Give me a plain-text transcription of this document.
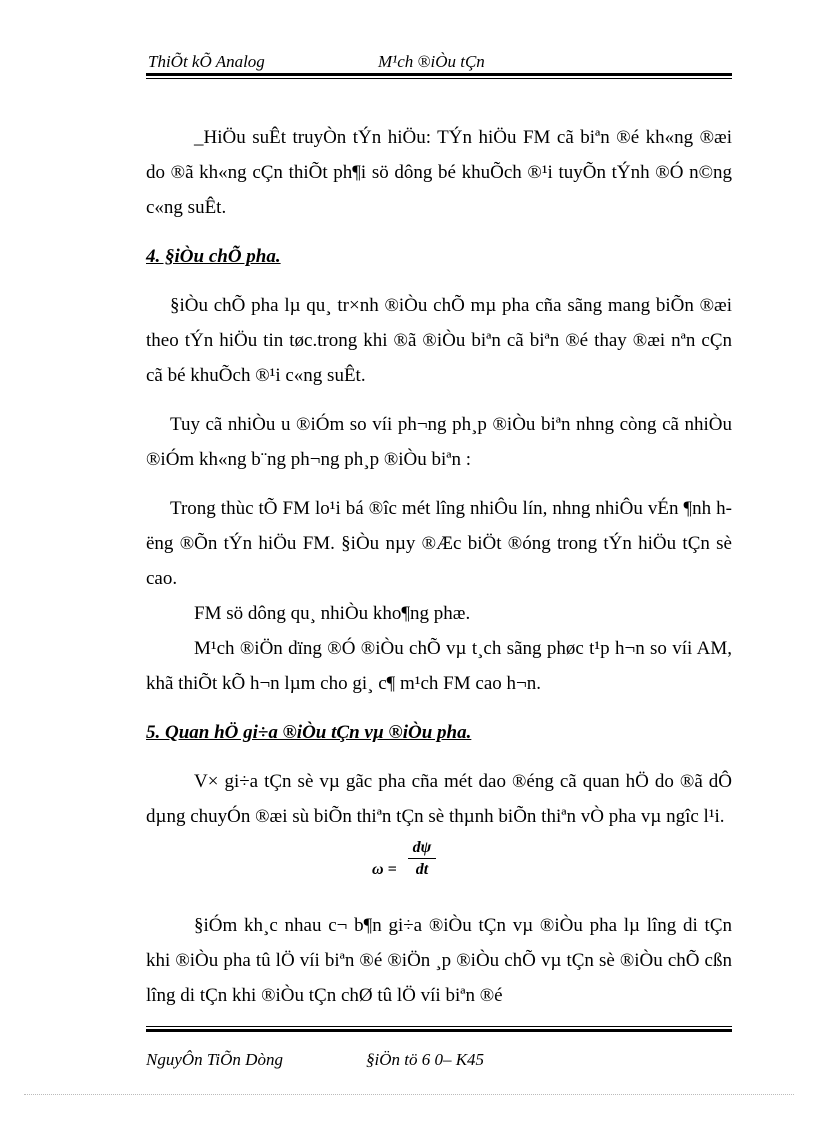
ThiÕt kÕ Analog	M¹ch ®iÒu tÇn

_HiÖu suÊt truyÒn tÝn hiÖu: TÝn hiÖu FM cã biªn ®é kh«ng ®æi do ®ã kh«ng cÇn thiÕt ph¶i sö dông bé khuÕch ®¹i tuyÕn tÝnh ®Ó n©ng c«ng suÊt.

4. §iÒu chÕ pha.

§iÒu chÕ pha lµ qu¸ tr×nh ®iÒu chÕ mµ pha cña sãng mang biÕn ®æi theo tÝn hiÖu tin tøc.trong khi ®ã ®iÒu biªn cã biªn ®é thay ®æi nªn cÇn cã bé khuÕch ®¹i c«ng suÊt.

Tuy cã nhiÒu u ®iÓm so víi ph¬ng ph¸p ®iÒu biªn nhng còng cã nhiÒu ®iÓm kh«ng b¨ng ph¬ng ph¸p ®iÒu biªn :

Trong thùc tÕ FM lo¹i bá ®îc mét lîng nhiÔu lín, nhng nhiÔu vÉn ¶nh hëng ®Õn tÝn hiÖu FM. §iÒu nµy ®Æc biÖt ®óng trong tÝn hiÖu tÇn sè cao.

FM sö dông qu¸ nhiÒu kho¶ng phæ.

M¹ch ®iÖn dïng ®Ó ®iÒu chÕ vµ t¸ch sãng phøc t¹p h¬n so víi AM, khã thiÕt kÕ h¬n lµm cho gi¸ c¶ m¹ch FM cao h¬n.

5. Quan hÖ gi÷a ®iÒu tÇn vµ ®iÒu pha.

V× gi÷a tÇn sè vµ gãc pha cña mét dao ®éng cã quan hÖ do ®ã dÔ dµng chuyÓn ®æi sù biÕn thiªn tÇn sè thµnh biÕn thiªn vÒ pha vµ ngîc l¹i.

$\omega = \frac{d\psi}{dt}$

§iÓm kh¸c nhau c¬ b¶n gi÷a ®iÒu tÇn vµ ®iÒu pha lµ lîng di tÇn khi ®iÒu pha tû lÖ víi biªn ®é ®iÖn ¸p ®iÒu chÕ vµ tÇn sè ®iÒu chÕ cßn lîng di tÇn khi ®iÒu tÇn chØ tû lÖ víi biªn ®é

NguyÔn TiÕn Dòng	§iÖn tö 6 0– K45
